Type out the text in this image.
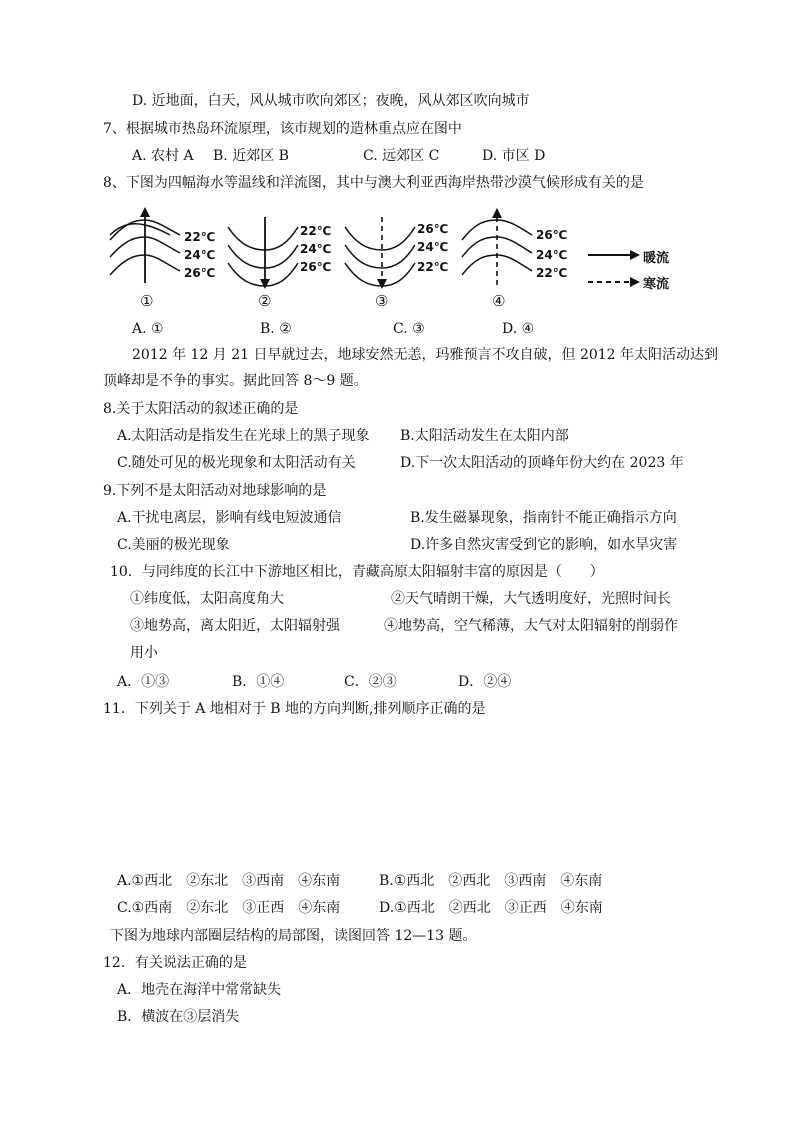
D. 近地面，白天，风从城市吹向郊区；夜晚，风从郊区吹向城市
7、根据城市热岛环流原理，该市规划的造林重点应在图中
A. 农村 A B. 近郊区 B	C. 远郊区 C	D. 市区 D
8、下图为四幅海水等温线和洋流图，其中与澳大利亚西海岸热带沙漠气候形成有关的是
22℃
24℃
26℃
22℃
24℃
26℃
26℃
24℃
22℃
26℃
24℃
22℃
暖流
寒流
①	②	③	④
A. ①	B. ②	C. ③	D. ④
2012 年 12 月 21 日早就过去，地球安然无恙，玛雅预言不攻自破，但 2012 年太阳活动达到
顶峰却是不争的事实。据此回答 8～9 题。
8.关于太阳活动的叙述正确的是
A.太阳活动是指发生在光球上的黑子现象 B.太阳活动发生在太阳内部
C.随处可见的极光现象和太阳活动有关	D.下一次太阳活动的顶峰年份大约在 2023 年
9.下列不是太阳活动对地球影响的是
A.干扰电离层，影响有线电短波通信	B.发生磁暴现象，指南针不能正确指示方向
C.美丽的极光现象	D.许多自然灾害受到它的影响，如水旱灾害
10．与同纬度的长江中下游地区相比，青藏高原太阳辐射丰富的原因是（　　）
①纬度低，太阳高度角大	②天气晴朗干燥，大气透明度好，光照时间长
③地势高，离太阳近，太阳辐射强	④地势高，空气稀薄，大气对太阳辐射的削弱作
用小
A．①③	B．①④	C．②③	D．②④
11．下列关于 A 地相对于 B 地的方向判断,排列顺序正确的是
A.①西北　②东北　③西南　④东南	B.①西北　②西北　③西南　④东南
C.①西南　②东北　③正西　④东南	D.①西北　②西北　③正西　④东南
下图为地球内部圈层结构的局部图，读图回答 12—13 题。
12．有关说法正确的是
A．地壳在海洋中常常缺失
B．横波在③层消失
